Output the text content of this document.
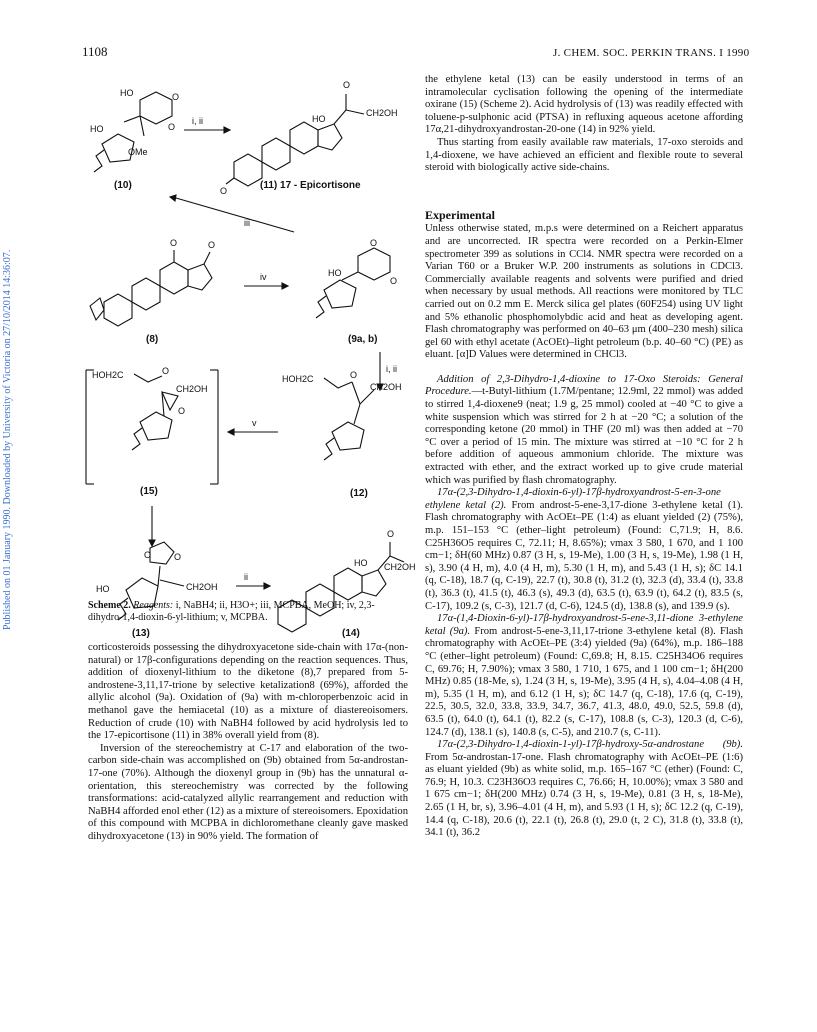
1108	J. CHEM. SOC. PERKIN TRANS. I 1990
Published on 01 January 1990. Downloaded by University of Victoria on 27/10/2014 14:36:07.
HO
HO
OMe
O
O
(10)
i, ii
O
O
HO
CH2OH
(11) 17 - Epicortisone
iii
O	O
(8)
iv	HO
O
O
(9a, b)
i, ii
HOH2C	O
CH2OH
O
(15)
v
HOH2C	O
CH2OH
(12)
HO	CH2OH
O	O
(13)
ii
O
HO CH2OH
(14)
Scheme 2. Reagents: i, NaBH4; ii, H3O+; iii, MCPBA, MeOH; iv, 2,3-dihydro-1,4-dioxin-6-yl-lithium; v, MCPBA.

corticosteroids possessing the dihydroxyacetone side-chain with 17α-(non-natural) or 17β-configurations depending on the reaction sequences. Thus, addition of dioxenyl-lithium to the diketone (8),7 prepared from 5-androstene-3,11,17-trione by selective ketalization8 (69%), afforded the allylic alcohol (9a). Oxidation of (9a) with m-chloroperbenzoic acid in methanol gave the hemiacetal (10) as a mixture of diastereoisomers. Reduction of crude (10) with NaBH4 followed by acid hydrolysis led to the 17-epicortisone (11) in 38% overall yield from (8).

Inversion of the stereochemistry at C-17 and elaboration of the two-carbon side-chain was accomplished on (9b) obtained from 5α-androstan-17-one (70%). Although the dioxenyl group in (9b) has the unnatural α-orientation, this stereochemistry was corrected by the following transformations: acid-catalyzed allylic rearrangement and reduction with NaBH4 afforded enol ether (12) as a mixture of stereoisomers. Epoxidation of this compound with MCPBA in dichloromethane cleanly gave masked dihydroxyacetone (13) in 90% yield. The formation of

the ethylene ketal (13) can be easily understood in terms of an intramolecular cyclisation following the opening of the intermediate oxirane (15) (Scheme 2). Acid hydrolysis of (13) was readily effected with toluene-p-sulphonic acid (PTSA) in refluxing aqueous acetone affording 17α,21-dihydroxyandrostan-20-one (14) in 92% yield.

Thus starting from easily available raw materials, 17-oxo steroids and 1,4-dioxene, we have achieved an efficient and flexible route to several steroid with biologically active side-chains.

Experimental

Unless otherwise stated, m.p.s were determined on a Reichert apparatus and are uncorrected. IR spectra were recorded on a Perkin-Elmer spectrometer 399 as solutions in CCl4. NMR spectra were recorded on a Varian T60 or a Bruker W.P. 200 instruments as solutions in CDCl3. Commercially available reagents and solvents were purified and dried when necessary by usual methods. All reactions were monitored by TLC carried out on 0.2 mm E. Merck silica gel plates (60F254) using UV light and 5% ethanolic phosphomolybdic acid and heat as developing agent. Flash chromatography was performed on 40–63 μm (400–230 mesh) silica gel 60 with ethyl acetate (AcOEt)–light petroleum (b.p. 40–60 °C) (PE) as eluant. [α]D Values were determined in CHCl3.

Addition of 2,3-Dihydro-1,4-dioxine to 17-Oxo Steroids: General Procedure.—t-Butyl-lithium (1.7M/pentane; 12.9ml, 22 mmol) was added to stirred 1,4-dioxene9 (neat; 1.9 g, 25 mmol) cooled at −40 °C to give a white suspension which was stirred for 2 h at −20 °C; a solution of the corresponding ketone (20 mmol) in THF (20 ml) was then added at −70 °C over a period of 15 min. The mixture was stirred at −10 °C for 2 h before addition of aqueous ammonium chloride. The mixture was extracted with ether, and the extract worked up to give crude material which was purified by flash chromatography.

17α-(2,3-Dihydro-1,4-dioxin-6-yl)-17β-hydroxyandrost-5-en-3-one ethylene ketal (2). From androst-5-ene-3,17-dione 3-ethylene ketal (1). Flash chromatography with AcOEt–PE (1:4) as eluant yielded (2) (75%), m.p. 151–153 °C (ether–light petroleum) (Found: C,71.9; H, 8.6. C25H36O5 requires C, 72.11; H, 8.65%); νmax 3 580, 1 670, and 1 100 cm−1; δH(60 MHz) 0.87 (3 H, s, 19-Me), 1.00 (3 H, s, 19-Me), 1.98 (1 H, s), 3.90 (4 H, m), 4.0 (4 H, m), 5.30 (1 H, m), and 5.43 (1 H, s); δC 14.1 (q, C-18), 18.7 (q, C-19), 22.7 (t), 30.8 (t), 31.2 (t), 32.3 (d), 33.4 (t), 33.8 (t), 36.3 (t), 41.5 (t), 46.3 (s), 49.3 (d), 63.5 (t), 63.9 (t), 64.2 (t), 83.5 (s, C-17), 109.2 (s, C-3), 121.7 (d, C-6), 124.5 (d), 138.8 (s), and 139.9 (s).

17α-(1,4-Dioxin-6-yl)-17β-hydroxyandrost-5-ene-3,11-dione 3-ethylene ketal (9a). From androst-5-ene-3,11,17-trione 3-ethylene ketal (8). Flash chromatography with AcOEt–PE (3:4) yielded (9a) (64%), m.p. 186–188 °C (ether–light petroleum) (Found: C,69.8; H, 8.15. C25H34O6 requires C, 69.76; H, 7.90%); νmax 3 580, 1 710, 1 675, and 1 100 cm−1; δH(200 MHz) 0.85 (18-Me, s), 1.24 (3 H, s, 19-Me), 3.95 (4 H, s), 4.04–4.08 (4 H, m), 5.35 (1 H, m), and 6.12 (1 H, s); δC 14.7 (q, C-18), 17.6 (q, C-19), 22.5, 30.5, 32.0, 33.8, 33.9, 34.7, 36.7, 41.3, 48.0, 49.0, 52.5, 59.8 (d), 63.5 (t), 64.0 (t), 64.1 (t), 82.2 (s, C-17), 108.8 (s, C-3), 120.3 (d, C-6), 124.7 (d), 138.1 (s), 140.8 (s, C-5), and 210.7 (s, C-11).

17α-(2,3-Dihydro-1,4-dioxin-1-yl)-17β-hydroxy-5α-androstane (9b). From 5α-androstan-17-one. Flash chromatography with AcOEt–PE (1:6) as eluant yielded (9b) as white solid, m.p. 165–167 °C (ether) (Found: C, 76.9; H, 10.3. C23H36O3 requires C, 76.66; H, 10.00%); νmax 3 580 and 1 675 cm−1; δH(200 MHz) 0.74 (3 H, s, 19-Me), 0.81 (3 H, s, 18-Me), 2.65 (1 H, br, s), 3.96–4.01 (4 H, m), and 5.93 (1 H, s); δC 12.2 (q, C-19), 14.4 (q, C-18), 20.6 (t), 22.1 (t), 26.8 (t), 29.0 (t, 2 C), 31.8 (t), 33.8 (t), 34.1 (t), 36.2
